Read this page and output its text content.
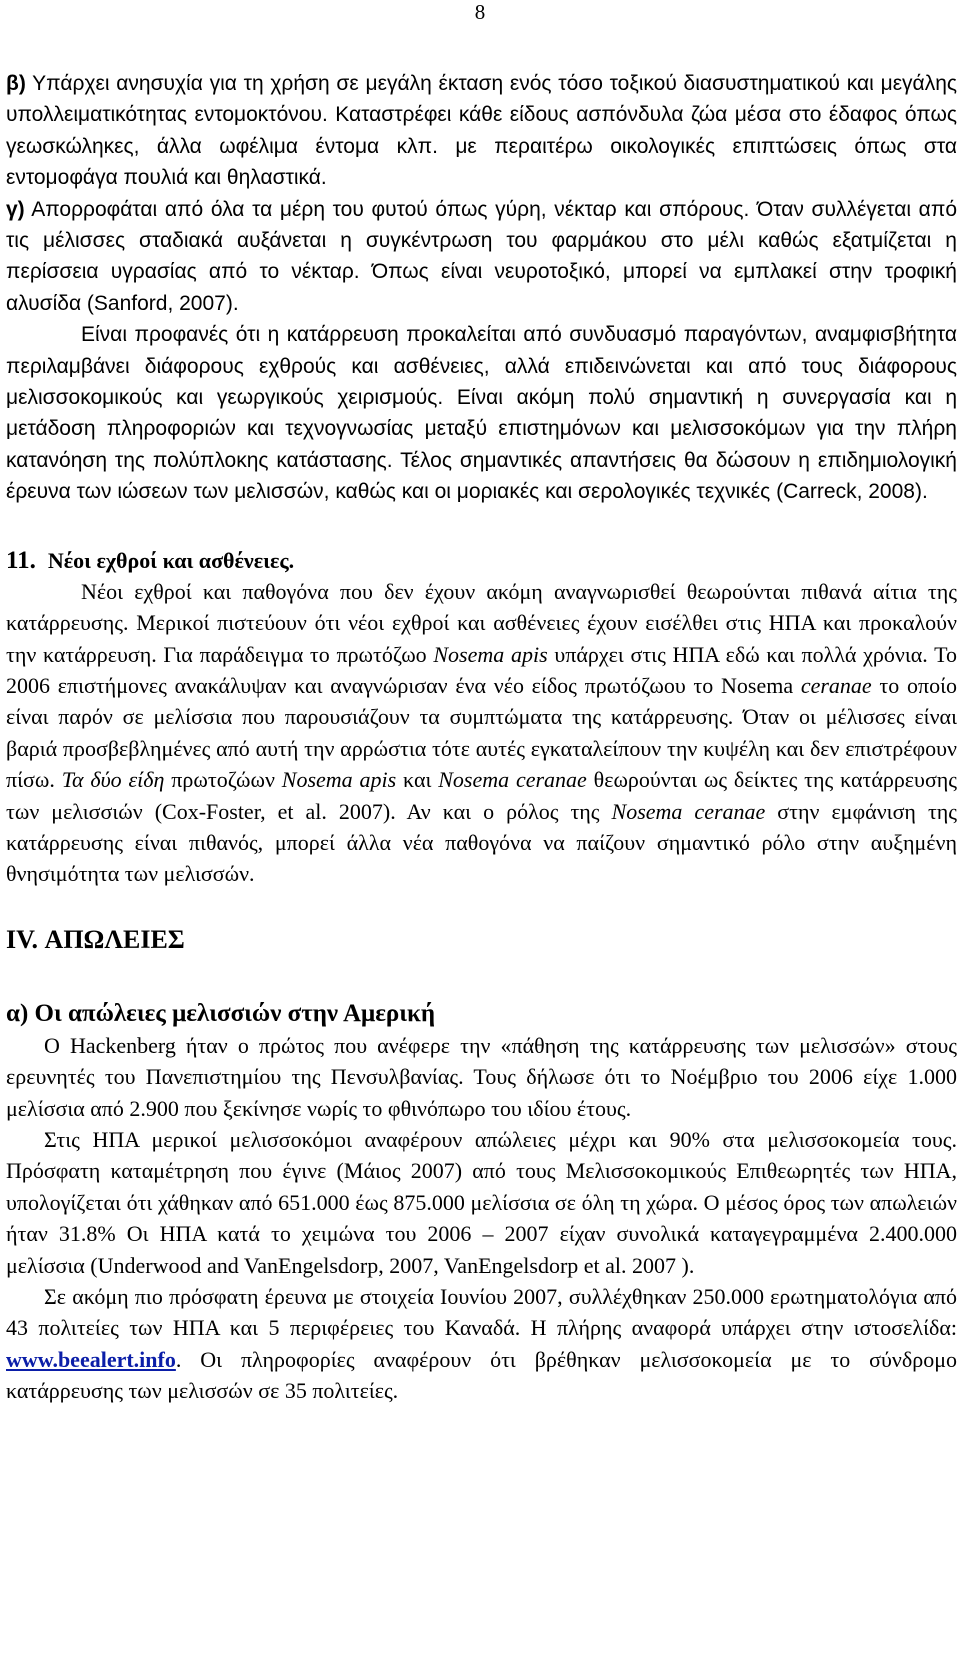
8

β) Υπάρχει ανησυχία για τη χρήση σε μεγάλη έκταση ενός τόσο τοξικού διασυστηματικού και μεγάλης υπολλειματικότητας εντομοκτόνου. Καταστρέφει κάθε είδους ασπόνδυλα ζώα μέσα στο έδαφος όπως γεωσκώληκες, άλλα ωφέλιμα έντομα κλπ. με περαιτέρω οικολογικές επιπτώσεις όπως στα εντομοφάγα πουλιά και θηλαστικά.

γ) Απορροφάται από όλα τα μέρη του φυτού όπως γύρη, νέκταρ και σπόρους. Όταν συλλέγεται από τις μέλισσες σταδιακά αυξάνεται η συγκέντρωση του φαρμάκου στο μέλι καθώς εξατμίζεται η περίσσεια υγρασίας από το νέκταρ. Όπως είναι νευροτοξικό, μπορεί να εμπλακεί στην τροφική αλυσίδα (Sanford, 2007).

Είναι προφανές ότι η κατάρρευση προκαλείται από συνδυασμό παραγόντων, αναμφισβήτητα περιλαμβάνει διάφορους εχθρούς και ασθένειες, αλλά επιδεινώνεται και από τους διάφορους μελισσοκομικούς και γεωργικούς χειρισμούς. Είναι ακόμη πολύ σημαντική η συνεργασία και η μετάδοση πληροφοριών και τεχνογνωσίας μεταξύ επιστημόνων και μελισσοκόμων για την πλήρη κατανόηση της πολύπλοκης κατάστασης. Τέλος σημαντικές απαντήσεις θα δώσουν η επιδημιολογική έρευνα των ιώσεων των μελισσών, καθώς και οι μοριακές και σερολογικές τεχνικές (Carreck, 2008).

11. Νέοι εχθροί και ασθένειες.

Νέοι εχθροί και παθογόνα που δεν έχουν ακόμη αναγνωρισθεί θεωρούνται πιθανά αίτια της κατάρρευσης. Μερικοί πιστεύουν ότι νέοι εχθροί και ασθένειες έχουν εισέλθει στις ΗΠΑ και προκαλούν την κατάρρευση. Για παράδειγμα το πρωτόζωο Nosema apis υπάρχει στις ΗΠΑ εδώ και πολλά χρόνια. Το 2006 επιστήμονες ανακάλυψαν και αναγνώρισαν ένα νέο είδος πρωτόζωου το Nosema ceranae το οποίο είναι παρόν σε μελίσσια που παρουσιάζουν τα συμπτώματα της κατάρρευσης. Όταν οι μέλισσες είναι βαριά προσβεβλημένες από αυτή την αρρώστια τότε αυτές εγκαταλείπουν την κυψέλη και δεν επιστρέφουν πίσω. Τα δύο είδη πρωτοζώων Nosema apis και Nosema ceranae θεωρούνται ως δείκτες της κατάρρευσης των μελισσιών (Cox-Foster, et al. 2007). Αν και ο ρόλος της Nosema ceranae στην εμφάνιση της κατάρρευσης είναι πιθανός, μπορεί άλλα νέα παθογόνα να παίζουν σημαντικό ρόλο στην αυξημένη θνησιμότητα των μελισσών.

IV. ΑΠΩΛΕΙΕΣ
α) Οι απώλειες μελισσιών στην Αμερική

Ο Hackenberg ήταν ο πρώτος που ανέφερε την «πάθηση της κατάρρευσης των μελισσών» στους ερευνητές του Πανεπιστημίου της Πενσυλβανίας. Τους δήλωσε ότι το Νοέμβριο του 2006 είχε 1.000 μελίσσια από 2.900 που ξεκίνησε νωρίς το φθινόπωρο του ιδίου έτους.

Στις ΗΠΑ μερικοί μελισσοκόμοι αναφέρουν απώλειες μέχρι και 90% στα μελισσοκομεία τους. Πρόσφατη καταμέτρηση που έγινε (Μάιος 2007) από τους Μελισσοκομικούς Επιθεωρητές των ΗΠΑ, υπολογίζεται ότι χάθηκαν από 651.000 έως 875.000 μελίσσια σε όλη τη χώρα. Ο μέσος όρος των απωλειών ήταν 31.8% Οι ΗΠΑ κατά το χειμώνα του 2006 – 2007 είχαν συνολικά καταγεγραμμένα 2.400.000 μελίσσια (Underwood and VanEngelsdorp, 2007, VanEngelsdorp et al. 2007 ).

Σε ακόμη πιο πρόσφατη έρευνα με στοιχεία Ιουνίου 2007, συλλέχθηκαν 250.000 ερωτηματολόγια από 43 πολιτείες των ΗΠΑ και 5 περιφέρειες του Καναδά. Η πλήρης αναφορά υπάρχει στην ιστοσελίδα: www.beealert.info. Οι πληροφορίες αναφέρουν ότι βρέθηκαν μελισσοκομεία με το σύνδρομο κατάρρευσης των μελισσών σε 35 πολιτείες.
